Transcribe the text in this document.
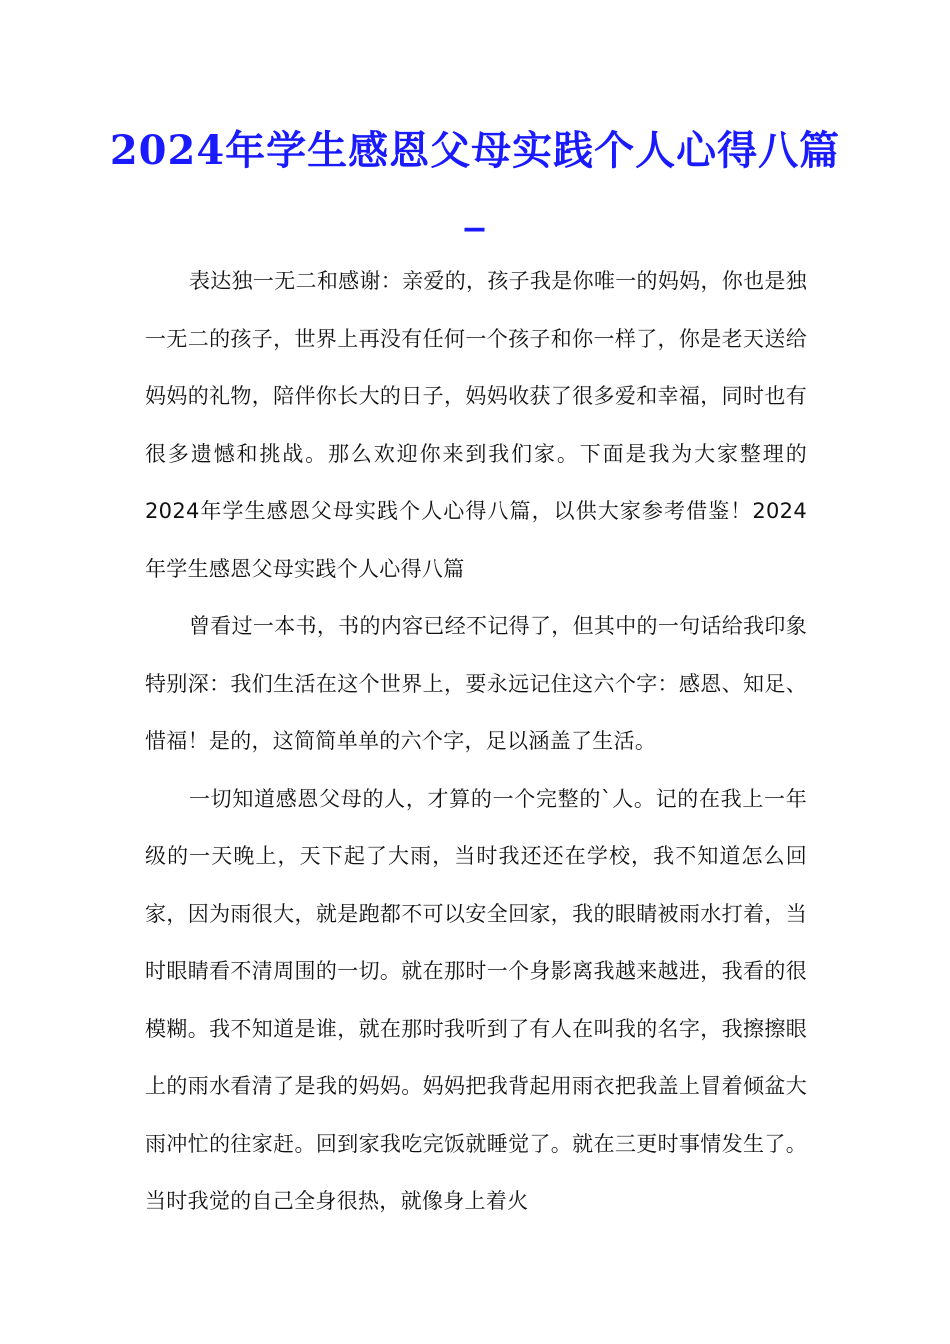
2024年学生感恩父母实践个人心得八篇_

表达独一无二和感谢：亲爱的，孩子我是你唯一的妈妈，你也是独一无二的孩子，世界上再没有任何一个孩子和你一样了，你是老天送给妈妈的礼物，陪伴你长大的日子，妈妈收获了很多爱和幸福，同时也有很多遗憾和挑战。那么欢迎你来到我们家。下面是我为大家整理的2024年学生感恩父母实践个人心得八篇，以供大家参考借鉴！2024年学生感恩父母实践个人心得八篇

曾看过一本书，书的内容已经不记得了，但其中的一句话给我印象特别深：我们生活在这个世界上，要永远记住这六个字：感恩、知足、惜福！是的，这简简单单的六个字，足以涵盖了生活。

一切知道感恩父母的人，才算的一个完整的`人。记的在我上一年级的一天晚上，天下起了大雨，当时我还还在学校，我不知道怎么回家，因为雨很大，就是跑都不可以安全回家，我的眼睛被雨水打着，当时眼睛看不清周围的一切。就在那时一个身影离我越来越进，我看的很模糊。我不知道是谁，就在那时我听到了有人在叫我的名字，我擦擦眼上的雨水看清了是我的妈妈。妈妈把我背起用雨衣把我盖上冒着倾盆大雨冲忙的往家赶。回到家我吃完饭就睡觉了。就在三更时事情发生了。当时我觉的自己全身很热，就像身上着火
